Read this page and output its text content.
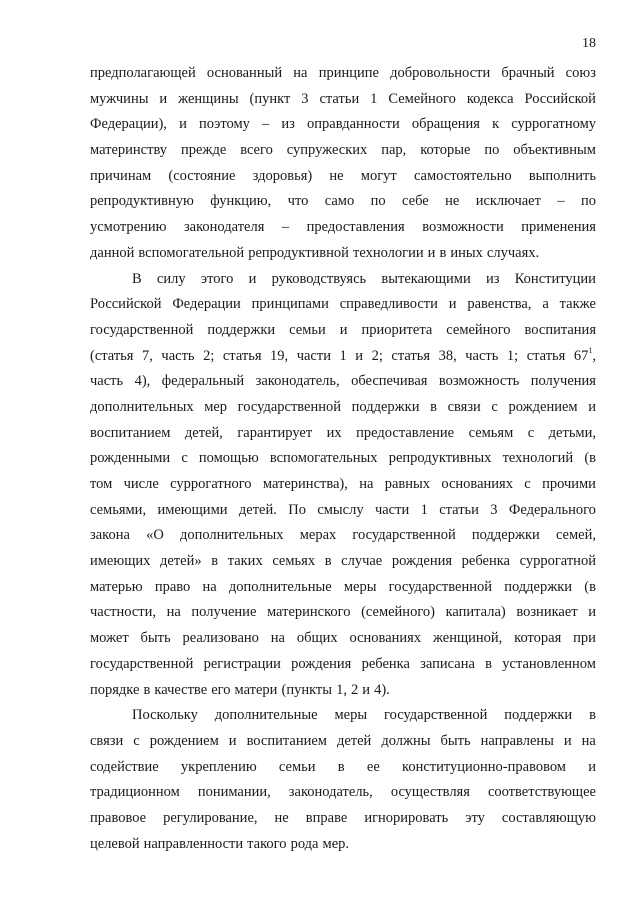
18
предполагающей основанный на принципе добровольности брачный союз
мужчины и женщины (пункт 3 статьи 1 Семейного кодекса Российской
Федерации), и поэтому – из оправданности обращения к суррогатному
материнству прежде всего супружеских пар, которые по объективным
причинам (состояние здоровья) не могут самостоятельно выполнить
репродуктивную функцию, что само по себе не исключает – по
усмотрению законодателя – предоставления возможности применения
данной вспомогательной репродуктивной технологии и в иных случаях.
В силу этого и руководствуясь вытекающими из Конституции
Российской Федерации принципами справедливости и равенства, а также
государственной поддержки семьи и приоритета семейного воспитания
(статья 7, часть 2; статья 19, части 1 и 2; статья 38, часть 1; статья $67^1$,
часть 4), федеральный законодатель, обеспечивая возможность получения
дополнительных мер государственной поддержки в связи с рождением и
воспитанием детей, гарантирует их предоставление семьям с детьми,
рожденными с помощью вспомогательных репродуктивных технологий (в
том числе суррогатного материнства), на равных основаниях с прочими
семьями, имеющими детей. По смыслу части 1 статьи 3 Федерального
закона «О дополнительных мерах государственной поддержки семей,
имеющих детей» в таких семьях в случае рождения ребенка суррогатной
матерью право на дополнительные меры государственной поддержки (в
частности, на получение материнского (семейного) капитала) возникает и
может быть реализовано на общих основаниях женщиной, которая при
государственной регистрации рождения ребенка записана в установленном
порядке в качестве его матери (пункты 1, 2 и 4).
Поскольку дополнительные меры государственной поддержки в
связи с рождением и воспитанием детей должны быть направлены и на
содействие укреплению семьи в ее конституционно-правовом и
традиционном понимании, законодатель, осуществляя соответствующее
правовое регулирование, не вправе игнорировать эту составляющую
целевой направленности такого рода мер.
